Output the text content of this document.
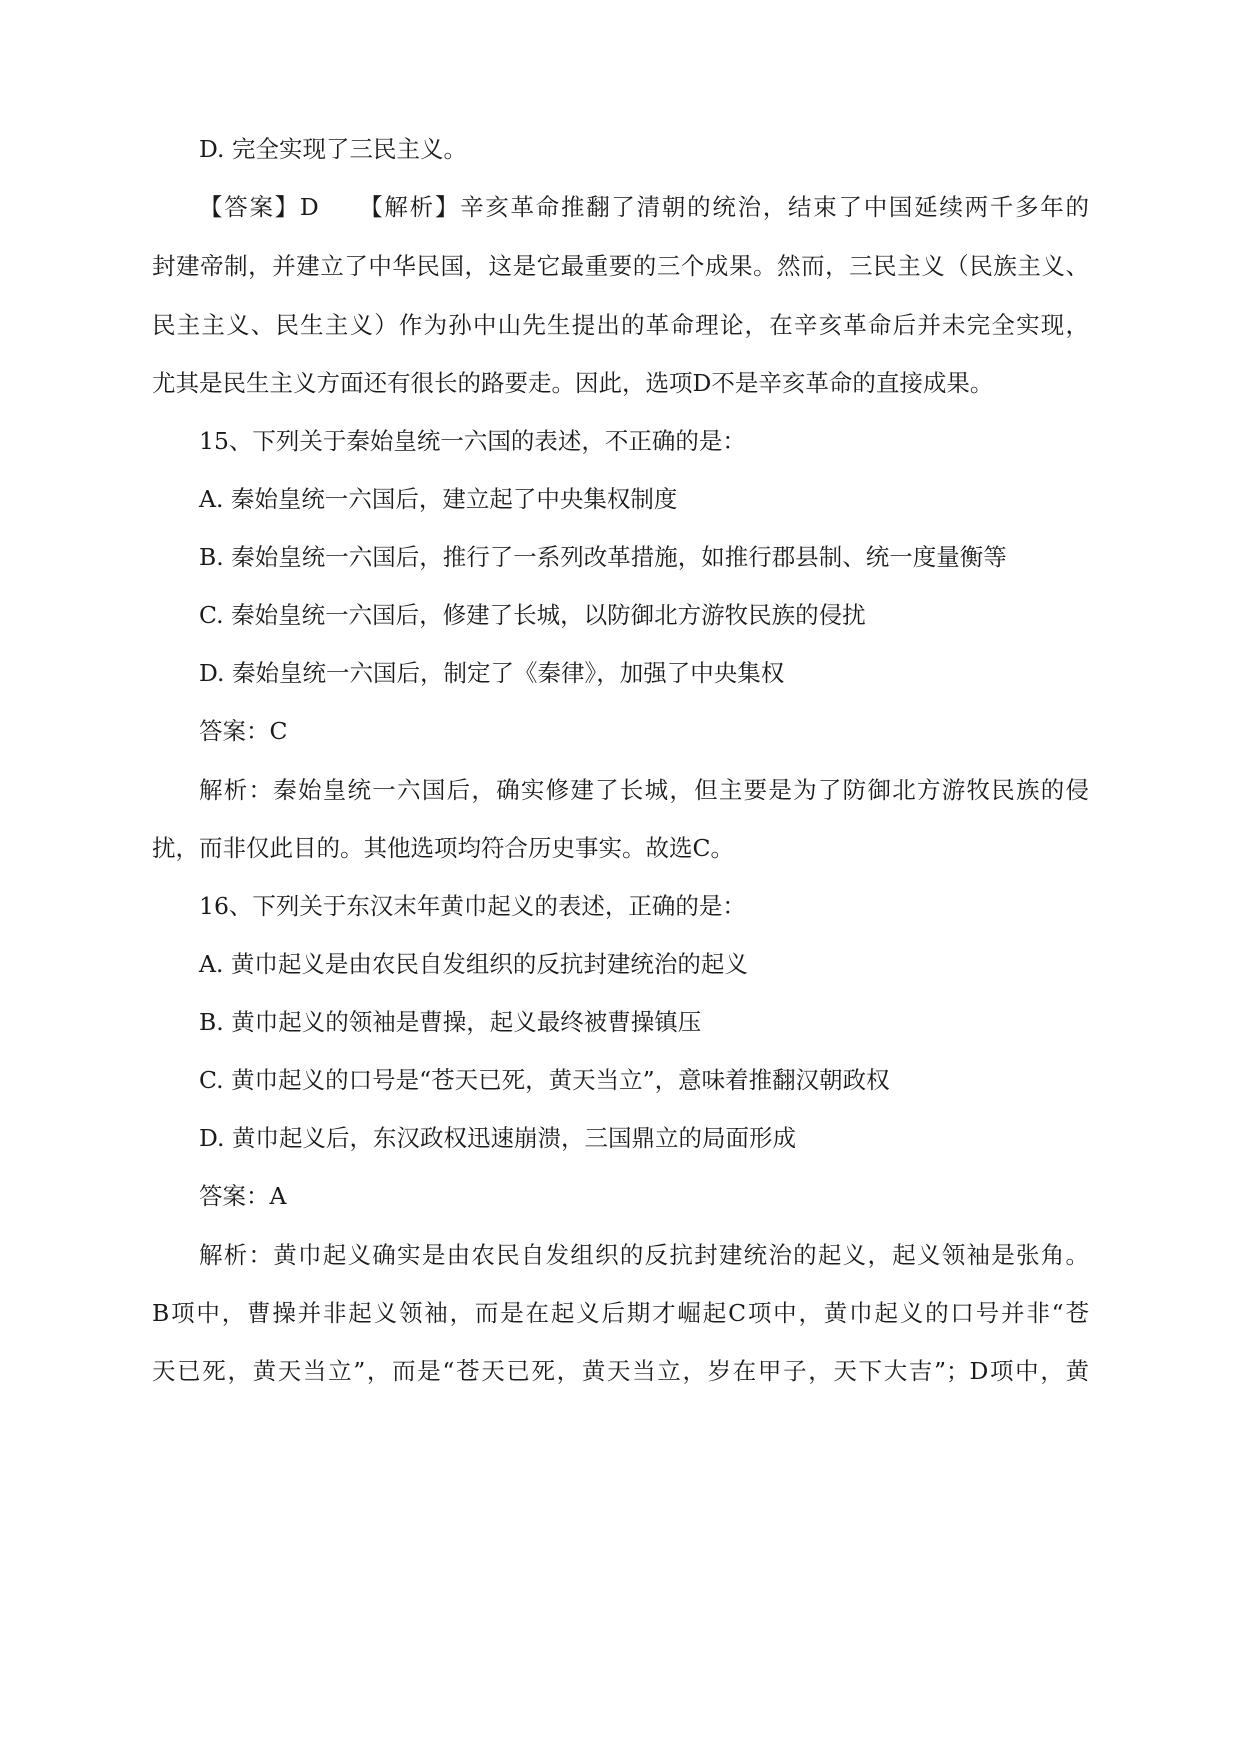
D. 完全实现了三民主义。
【答案】D　　【解析】辛亥革命推翻了清朝的统治，结束了中国延续两千多年的
封建帝制，并建立了中华民国，这是它最重要的三个成果。然而，三民主义（民族主义、
民主主义、民生主义）作为孙中山先生提出的革命理论，在辛亥革命后并未完全实现，
尤其是民生主义方面还有很长的路要走。因此，选项D不是辛亥革命的直接成果。
15、下列关于秦始皇统一六国的表述，不正确的是：
A. 秦始皇统一六国后，建立起了中央集权制度
B. 秦始皇统一六国后，推行了一系列改革措施，如推行郡县制、统一度量衡等
C. 秦始皇统一六国后，修建了长城，以防御北方游牧民族的侵扰
D. 秦始皇统一六国后，制定了《秦律》，加强了中央集权
答案：C
解析：秦始皇统一六国后，确实修建了长城，但主要是为了防御北方游牧民族的侵
扰，而非仅此目的。其他选项均符合历史事实。故选C。
16、下列关于东汉末年黄巾起义的表述，正确的是：
A. 黄巾起义是由农民自发组织的反抗封建统治的起义
B. 黄巾起义的领袖是曹操，起义最终被曹操镇压
C. 黄巾起义的口号是“苍天已死，黄天当立”，意味着推翻汉朝政权
D. 黄巾起义后，东汉政权迅速崩溃，三国鼎立的局面形成
答案：A
解析：黄巾起义确实是由农民自发组织的反抗封建统治的起义，起义领袖是张角。
B项中，曹操并非起义领袖，而是在起义后期才崛起C项中，黄巾起义的口号并非“苍
天已死，黄天当立”，而是“苍天已死，黄天当立，岁在甲子，天下大吉”；D项中，黄
